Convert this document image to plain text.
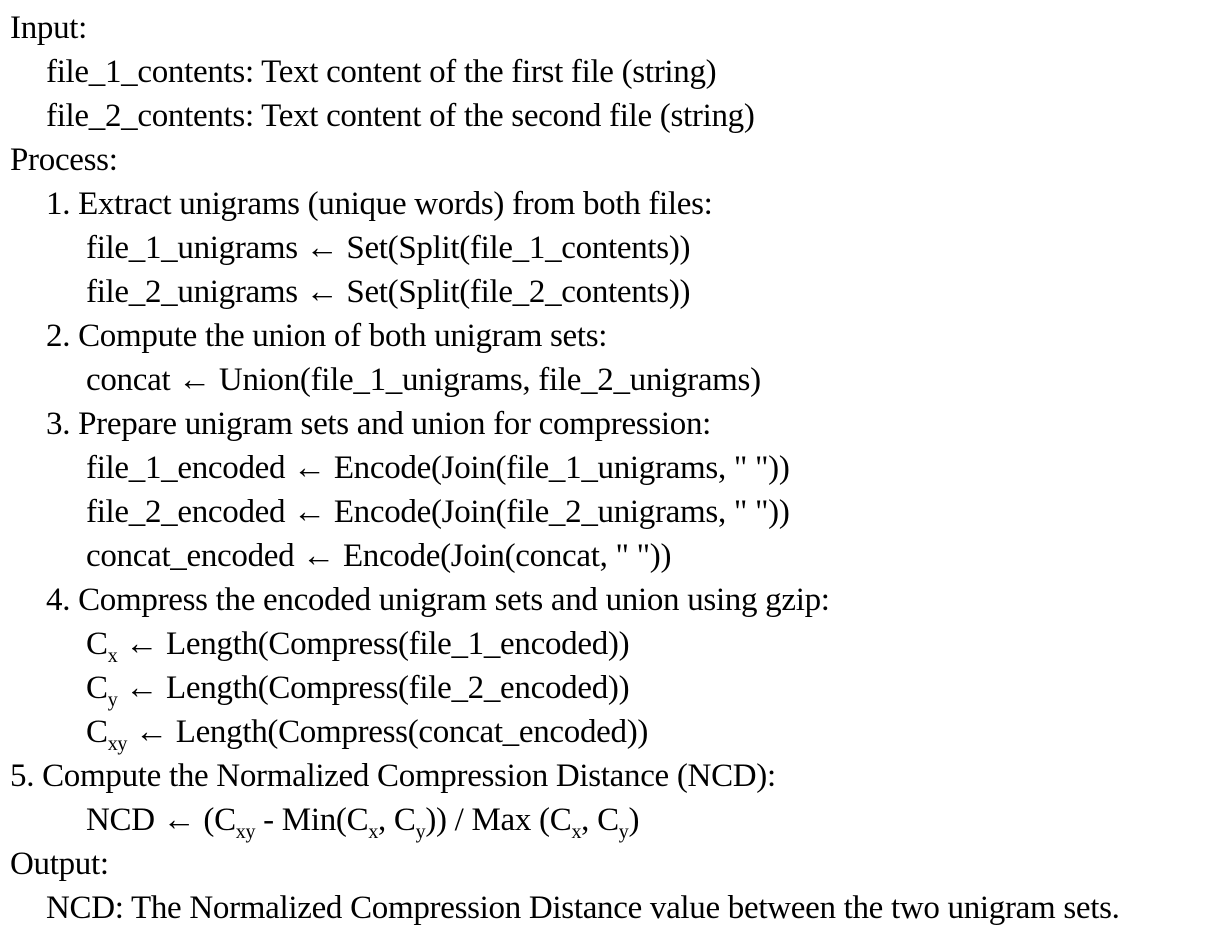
Input:
file_1_contents: Text content of the first file (string)
file_2_contents: Text content of the second file (string)
Process:
1. Extract unigrams (unique words) from both files:
file_1_unigrams ← Set(Split(file_1_contents))
file_2_unigrams ← Set(Split(file_2_contents))
2. Compute the union of both unigram sets:
concat ← Union(file_1_unigrams, file_2_unigrams)
3. Prepare unigram sets and union for compression:
file_1_encoded ← Encode(Join(file_1_unigrams, " "))
file_2_encoded ← Encode(Join(file_2_unigrams, " "))
concat_encoded ← Encode(Join(concat, " "))
4. Compress the encoded unigram sets and union using gzip:
$C_x$ ← Length(Compress(file_1_encoded))
$C_y$ ← Length(Compress(file_2_encoded))
$C_{xy}$ ← Length(Compress(concat_encoded))
5. Compute the Normalized Compression Distance (NCD):
NCD ← ($C_{xy} - Min(C_x$, $C_y$)) / Max ($C_x$, $C_y$)
Output:
NCD: The Normalized Compression Distance value between the two unigram sets.
